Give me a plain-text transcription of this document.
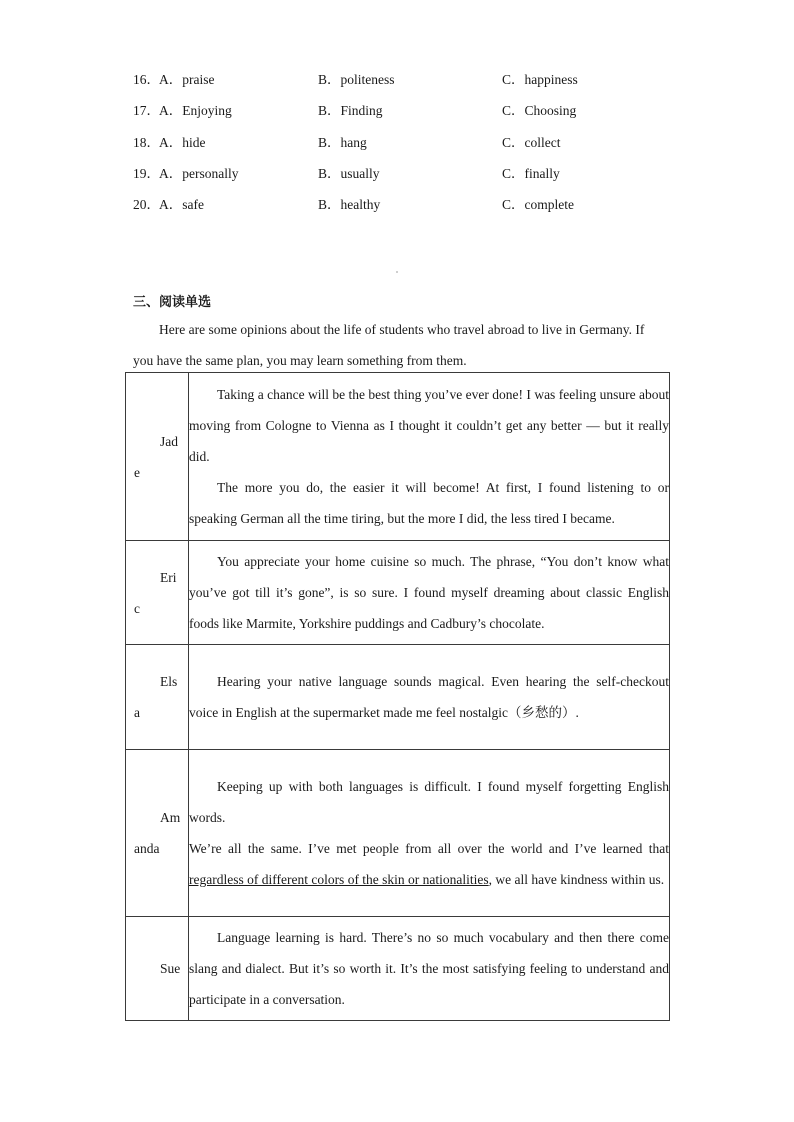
16． A．praise	B．politeness	C．happiness
17． A．Enjoying	B．Finding	C．Choosing
18． A．hide	B．hang	C．collect
19． A．personally	B．usually	C．finally
20． A．safe	B．healthy	C．complete
三、阅读单选
Here are some opinions about the life of students who travel abroad to live in Germany. If you have the same plan, you may learn something from them.
Jade	Taking a chance will be the best thing you’ve ever done! I was feeling unsure about moving from Cologne to Vienna as I thought it couldn’t get any better — but it really did.
The more you do, the easier it will become! At first, I found listening to or speaking German all the time tiring, but the more I did, the less tired I became.

Eric	You appreciate your home cuisine so much. The phrase, “You don’t know what you’ve got till it’s gone”, is so sure. I found myself dreaming about classic English foods like Marmite, Yorkshire puddings and Cadbury’s chocolate.

Elsa	Hearing your native language sounds magical. Even hearing the self-checkout voice in English at the supermarket made me feel nostalgic（乡愁的）.

Amanda	Keeping up with both languages is difficult. I found myself forgetting English words.
We’re all the same. I’ve met people from all over the world and I’ve learned that regardless of different colors of the skin or nationalities, we all have kindness within us.

Sue	Language learning is hard. There’s no so much vocabulary and then there come slang and dialect. But it’s so worth it. It’s the most satisfying feeling to understand and participate in a conversation.
